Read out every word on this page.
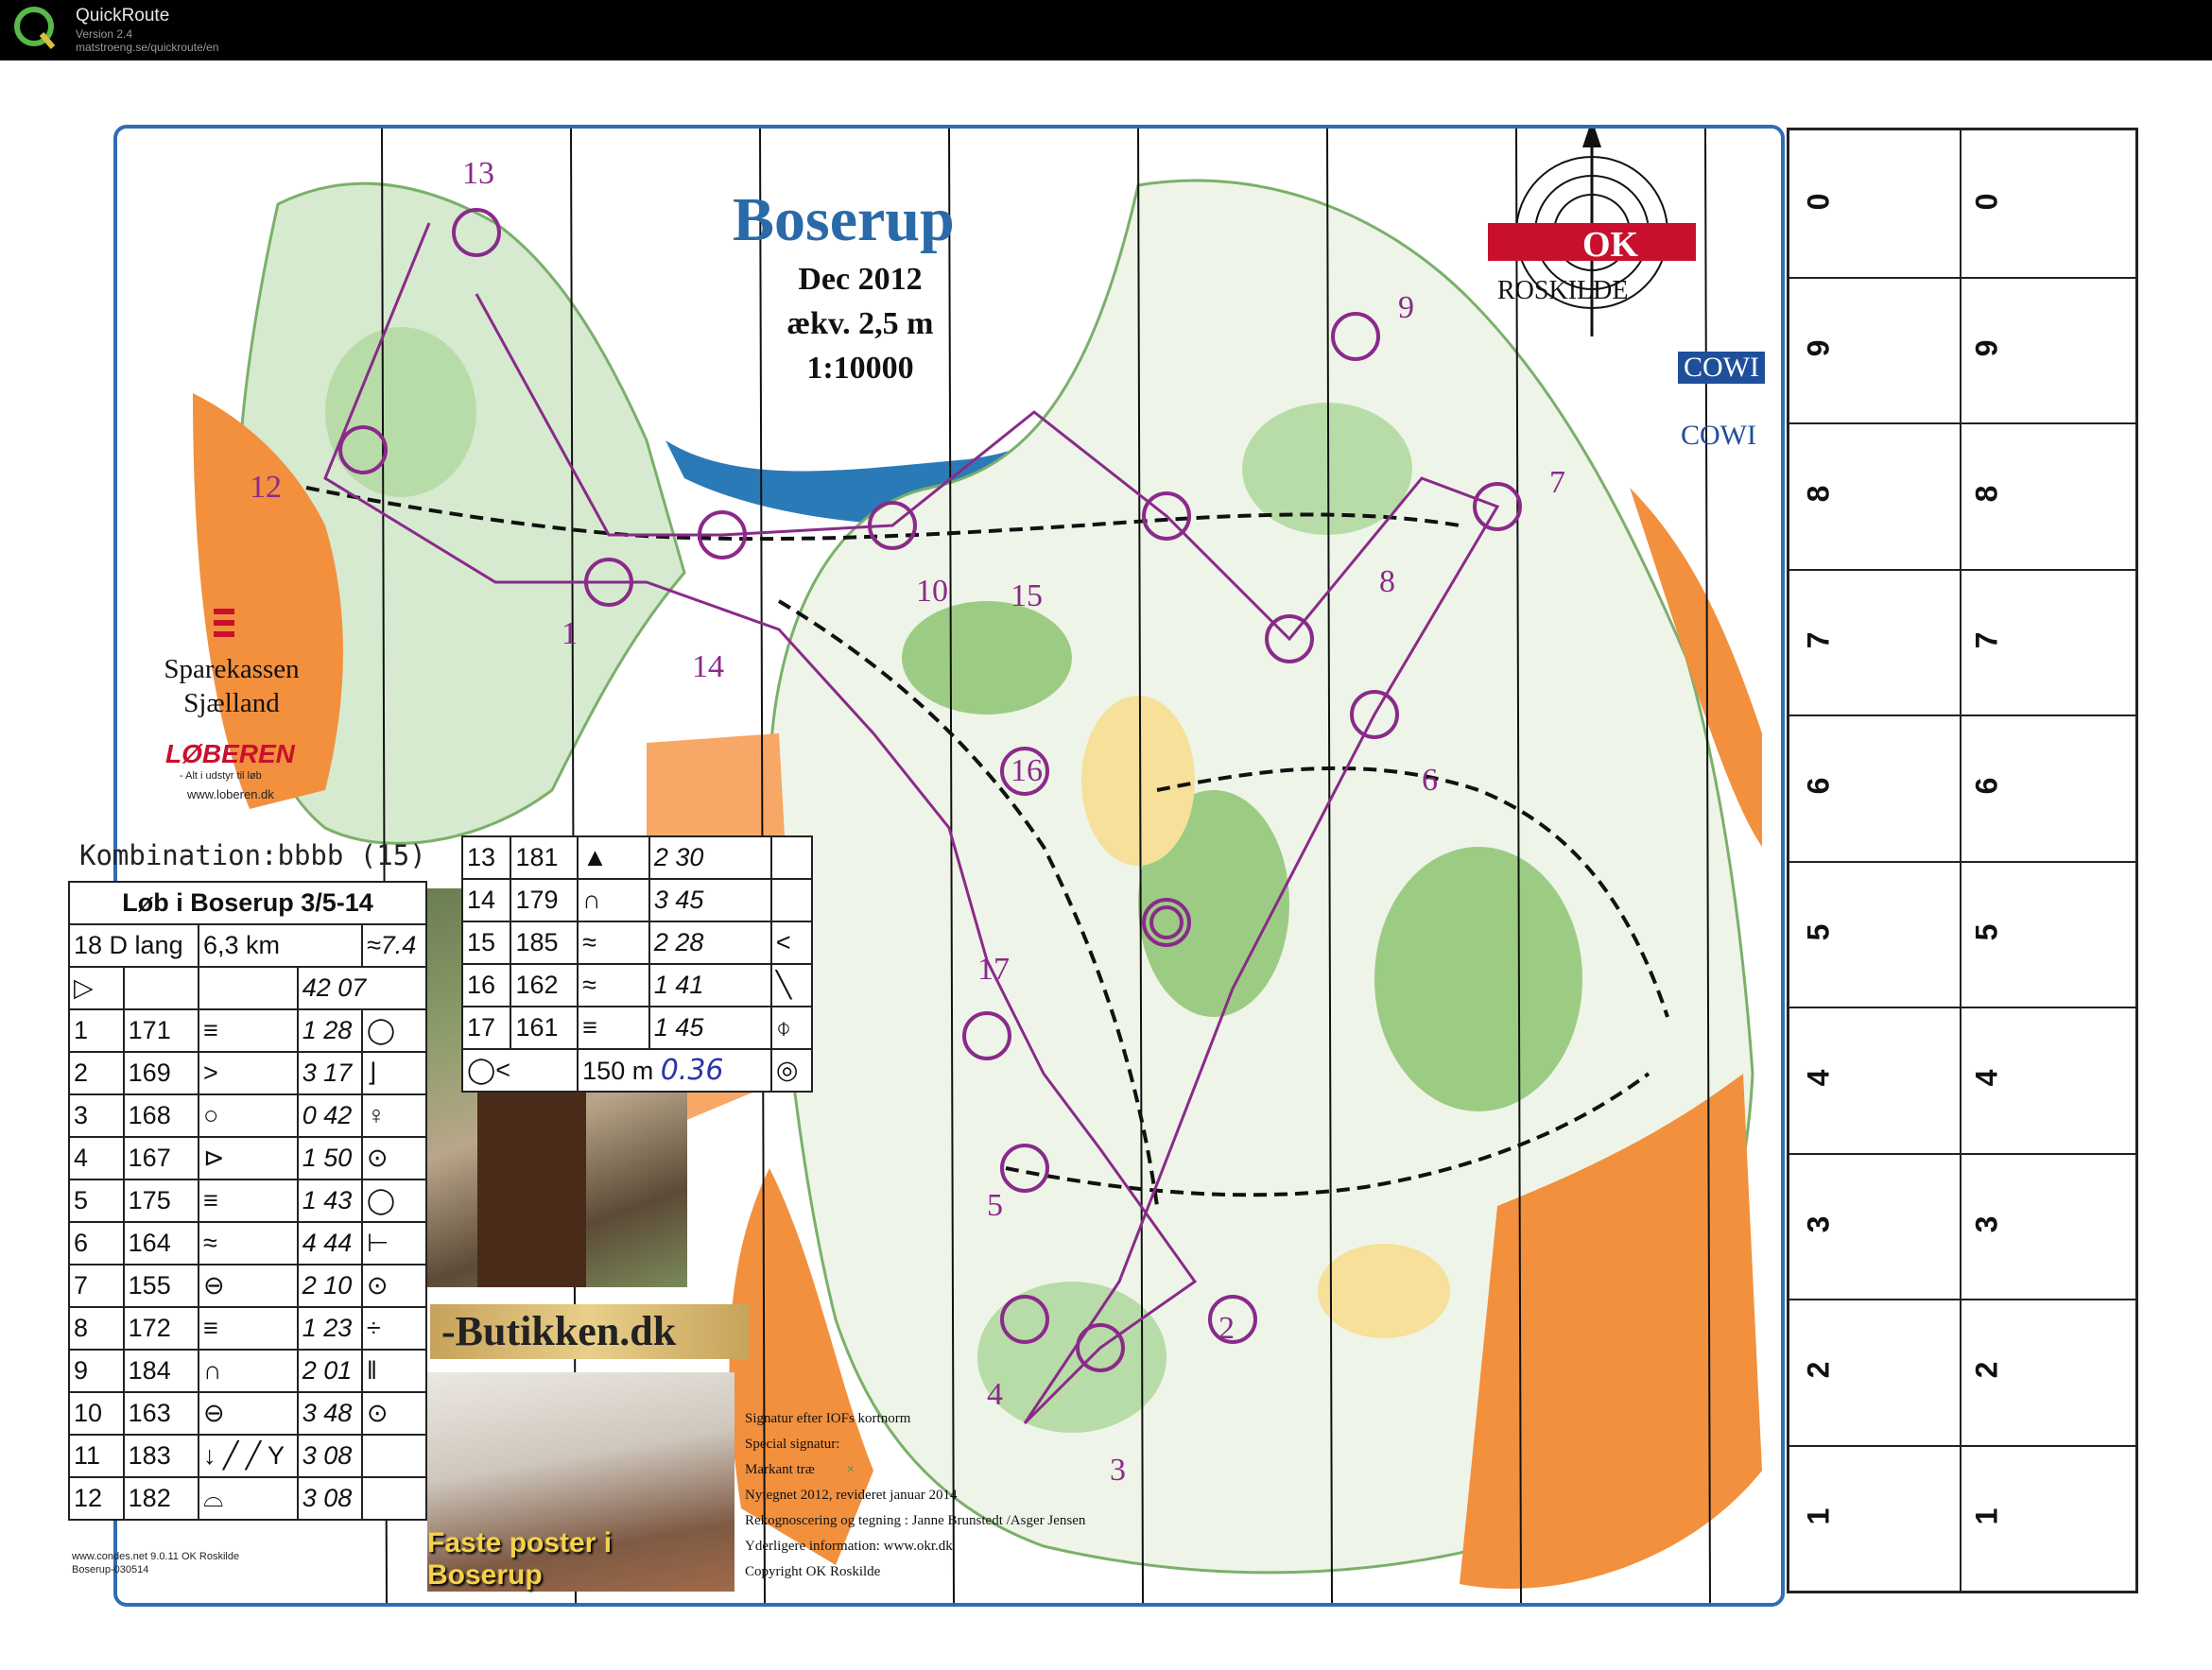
QuickRoute
Version 2.4
matstroeng.se/quickroute/en
13
1
2
3
4
5
6
7
8
9
10
12
14
15
16
17
OK
ROSKILDE
Boserup
Dec 2012
ækv. 2,5 m
1:10000	COWI
COWI
Sparekassen
Sjælland
LØBEREN
- Alt i udstyr til løb
www.loberen.dk
-Butikken.dk
Faste poster i Boserup
Kombination:bbbb (15)
Løb i Boserup 3/5-14				
18 D lang		6,3 km		≈7.4
▷			42 07	
1	171	≡	1 28	◯
2	169	>	3 17	⌋
3	168	○	0 42	♀
4	167	⊳	1 50	⊙
5	175	≡	1 43	◯
6	164	≈	4 44	⊢
7	155	⊖	2 10	⊙
8	172	≡	1 23	÷
9	184	∩	2 01	‖
10	163	⊖	3 48	⊙
11	183	↓ ╱ ╱ Y	3 08	
12	182	⌓	3 08	
13	181	▲	2 30	
14	179	∩	3 45	
15	185	≈	2 28	<
16	162	≈	1 41	╲
17	161	≡	1 45	⌽
◯<		150 m 0.36		◎
Signatur efter IOFs kortnorm
Special signatur:
Markant træ ×
Nytegnet 2012, revideret januar 2014
Rekognoscering og tegning : Janne Brunstedt /Asger Jensen
Yderligere information: www.okr.dk
Copyright OK Roskilde
www.condes.net 9.0.11 OK Roskilde
Boserup-030514
0	0
9	9
8	8
7	7
6	6
5	5
4	4
3	3
2	2
1	1
